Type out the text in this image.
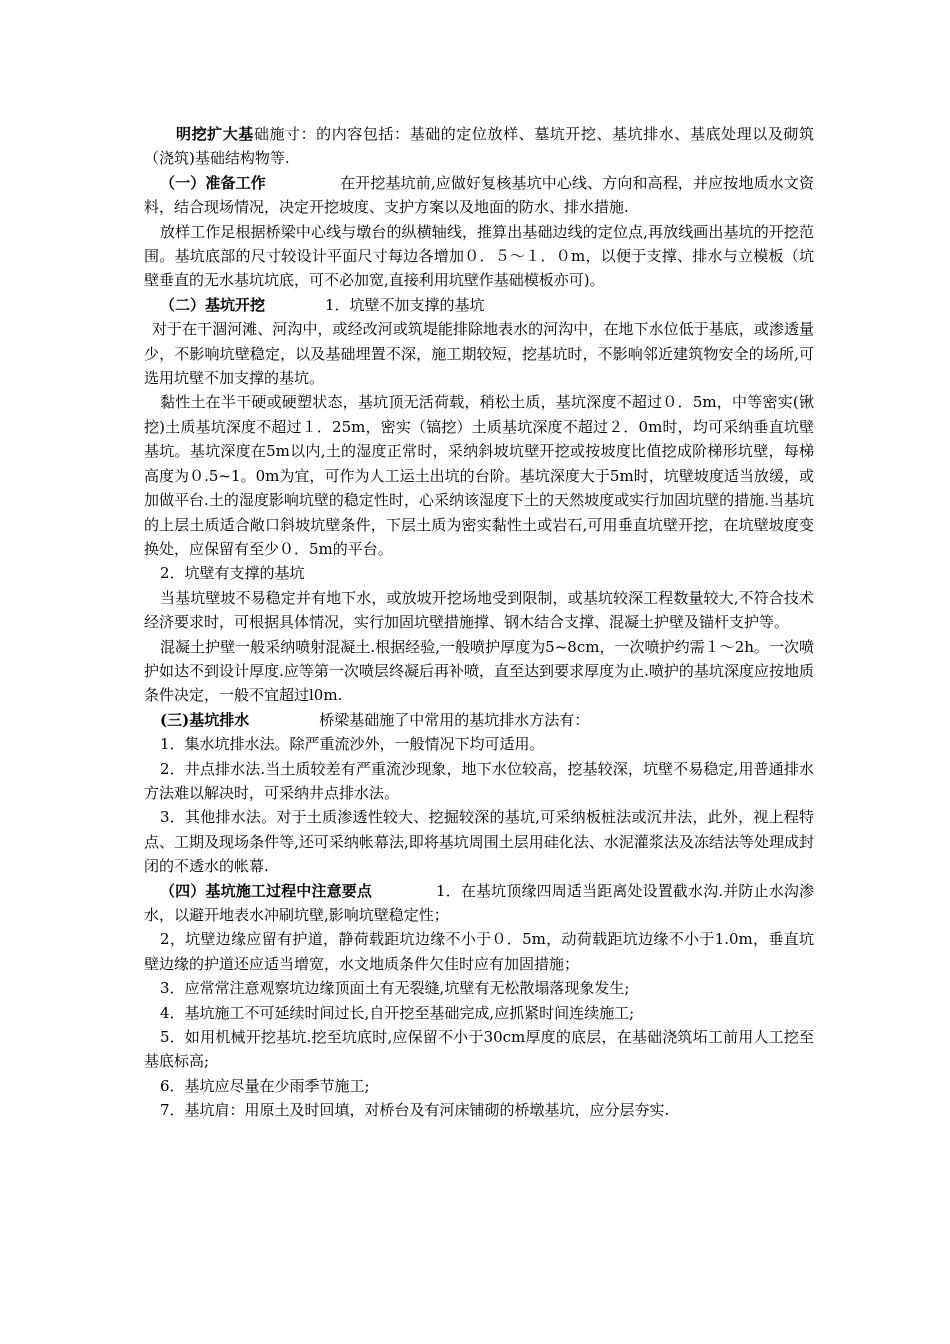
明挖扩大基础施寸：的内容包括：基础的定位放样、墓坑开挖、基坑排水、基底处理以及砌筑（浇筑)基础结构物等.

（一）准备工作	在开挖基坑前,应做好复核基坑中心线、方向和高程，并应按地质水文资料，结合现场情况，决定开挖坡度、支护方案以及地面的防水、排水措施.

放样工作足根据桥梁中心线与墩台的纵横轴线，推算出基础边线的定位点,再放线画出基坑的开挖范围。基坑底部的尺寸较设计平面尺寸每边各增加０．５～１．０m，以便于支撑、排水与立模板（坑壁垂直的无水基坑坑底，可不必加宽,直接利用坑壁作基础模板亦可)。

（二）基坑开挖	1．坑壁不加支撑的基坑

对于在干涸河滩、河沟中，或经改河或筑堤能排除地表水的河沟中，在地下水位低于基底，或渗透量少，不影响坑壁稳定，以及基础埋置不深，施工期较短，挖基坑时，不影响邻近建筑物安全的场所,可选用坑壁不加支撑的基坑。

黏性土在半干硬或硬塑状态，基坑顶无活荷载，稍松土质，基坑深度不超过０．5m，中等密实(锹挖)土质基坑深度不超过１．25m，密实（镐挖）土质基坑深度不超过２．0m时，均可采纳垂直坑壁基坑。基坑深度在5m以内,土的湿度正常时，采纳斜坡坑壁开挖或按坡度比值挖成阶梯形坑壁，每梯高度为０.5~1。0m为宜，可作为人工运土出坑的台阶。基坑深度大于5m时，坑壁坡度适当放缓，或加做平台.土的湿度影响坑壁的稳定性时，心采纳该湿度下土的天然坡度或实行加固坑壁的措施.当基坑的上层土质适合敞口斜坡坑壁条件，下层土质为密实黏性土或岩石,可用垂直坑壁开挖，在坑壁坡度变换处，应保留有至少０．5m的平台。

2．坑壁有支撑的基坑

当基坑壁坡不易稳定并有地下水，或放坡开挖场地受到限制，或基坑较深工程数量较大,不符合技术经济要求时，可根据具体情况，实行加固坑壁措施撑、钢木结合支撑、混凝土护壁及锚杆支护等。

混凝土护壁一般采纳喷射混凝土.根据经验,一般喷护厚度为5~8cm，一次喷护约需１～2h。一次喷护如达不到设计厚度.应等第一次喷层终凝后再补喷，直至达到要求厚度为止.喷护的基坑深度应按地质条件决定，一般不宜超过l0m.

(三)基坑排水	桥梁基础施了中常用的基坑排水方法有：

1．集水坑排水法。除严重流沙外，一般情况下均可适用。

2．井点排水法.当土质较差有严重流沙现象，地下水位较高，挖基较深，坑壁不易稳定,用普通排水方法难以解决时，可采纳井点排水法。

3．其他排水法。对于土质渗透性较大、挖掘较深的基坑,可采纳板桩法或沉井法，此外，视上程特点、工期及现场条件等,还可采纳帐幕法,即将基坑周围土层用硅化法、水泥灌浆法及冻结法等处理成封闭的不透水的帐幕.

（四）基坑施工过程中注意要点	1．在基坑顶缘四周适当距离处设置截水沟.并防止水沟渗水，以避开地表水冲刷坑壁,影响坑壁稳定性；

2，坑壁边缘应留有护道，静荷载距坑边缘不小于０．5m，动荷载距坑边缘不小于1.0m，垂直坑壁边缘的护道还应适当增宽，水文地质条件欠佳时应有加固措施；

3．应常常注意观察坑边缘顶面土有无裂缝,坑壁有无松散塌落现象发生;

4．基坑施工不可延续时间过长,自开挖至基础完成,应抓紧时间连续施工;

5．如用机械开挖基坑.挖至坑底时,应保留不小于30cm厚度的底层，在基础浇筑坧工前用人工挖至基底标高;

6．基坑应尽量在少雨季节施工;

7．基坑肩：用原土及时回填，对桥台及有河床铺砌的桥墩基坑，应分层夯实.
